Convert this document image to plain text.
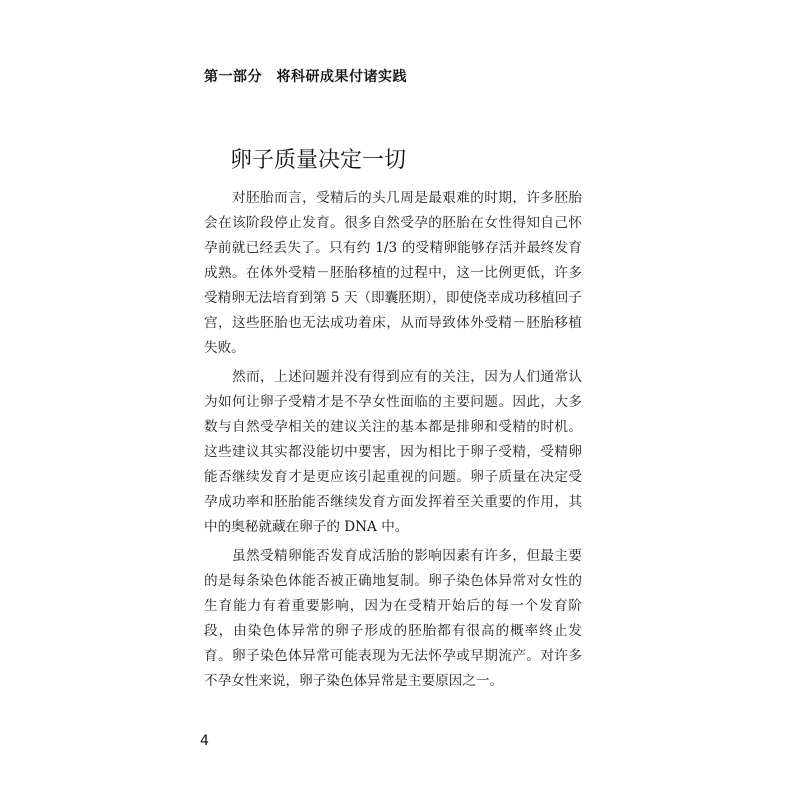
第一部分　将科研成果付诸实践
卵子质量决定一切

对胚胎而言，受精后的头几周是最艰难的时期，许多胚胎会在该阶段停止发育。很多自然受孕的胚胎在女性得知自己怀孕前就已经丢失了。只有约 1/3 的受精卵能够存活并最终发育成熟。在体外受精－胚胎移植的过程中，这一比例更低，许多受精卵无法培育到第 5 天（即囊胚期），即使侥幸成功移植回子宫，这些胚胎也无法成功着床，从而导致体外受精－胚胎移植失败。

然而，上述问题并没有得到应有的关注，因为人们通常认为如何让卵子受精才是不孕女性面临的主要问题。因此，大多数与自然受孕相关的建议关注的基本都是排卵和受精的时机。这些建议其实都没能切中要害，因为相比于卵子受精，受精卵能否继续发育才是更应该引起重视的问题。卵子质量在决定受孕成功率和胚胎能否继续发育方面发挥着至关重要的作用，其中的奥秘就藏在卵子的 DNA 中。

虽然受精卵能否发育成活胎的影响因素有许多，但最主要的是每条染色体能否被正确地复制。卵子染色体异常对女性的生育能力有着重要影响，因为在受精开始后的每一个发育阶段，由染色体异常的卵子形成的胚胎都有很高的概率终止发育。卵子染色体异常可能表现为无法怀孕或早期流产。对许多不孕女性来说，卵子染色体异常是主要原因之一。

4
